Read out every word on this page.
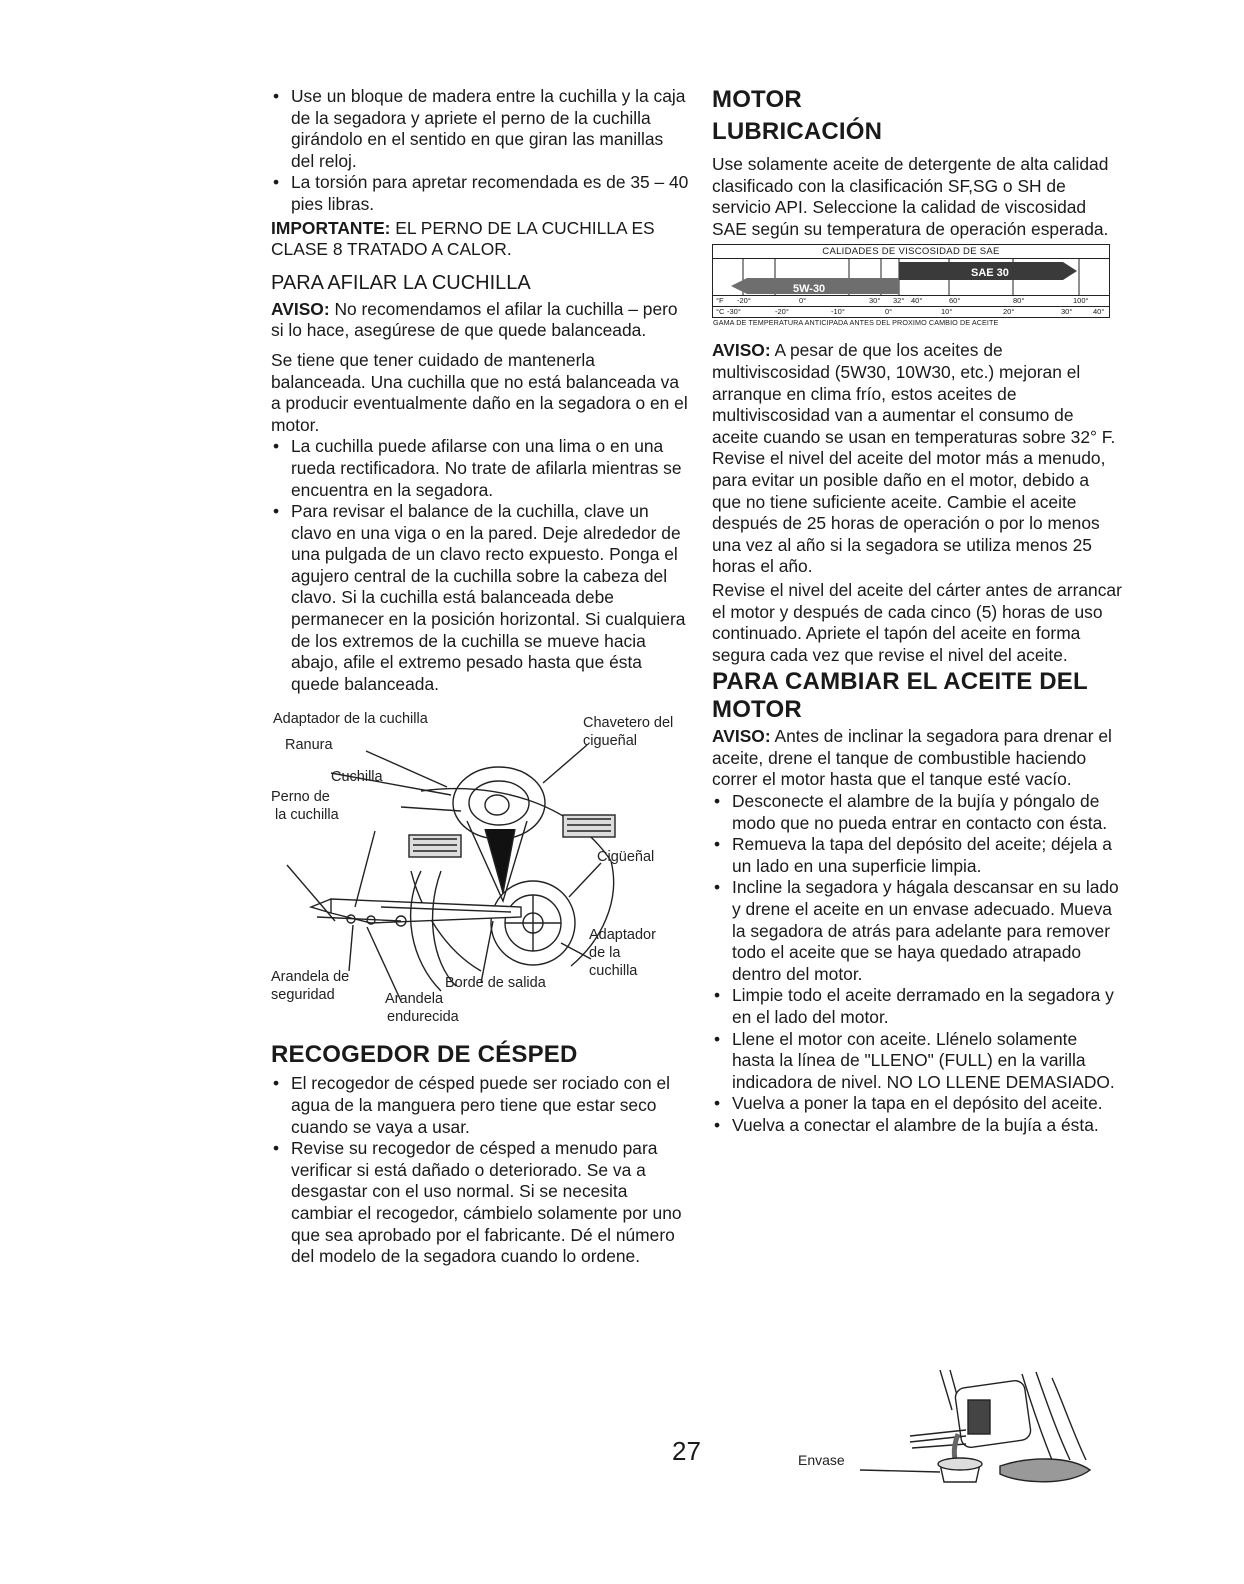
• Use un bloque de madera entre la cuchilla y la caja de la segadora y apriete el perno de la cuchilla girándolo en el sentido en que giran las manillas del reloj.
• La torsión para apretar recomendada es de 35 – 40 pies libras.

IMPORTANTE: EL PERNO DE LA CUCHILLA ES CLASE 8 TRATADO A CALOR.

PARA AFILAR LA CUCHILLA

AVISO: No recomendamos el afilar la cuchilla – pero si lo hace, asegúrese de que quede balanceada.

Se tiene que tener cuidado de mantenerla balanceada. Una cuchilla que no está balanceada va a producir eventualmente daño en la segadora o en el motor.

• La cuchilla puede afilarse con una lima o en una rueda rectificadora. No trate de afilarla mientras se encuentra en la segadora.
• Para revisar el balance de la cuchilla, clave un clavo en una viga o en la pared. Deje alrededor de una pulgada de un clavo recto expuesto. Ponga el agujero central de la cuchilla sobre la cabeza del clavo. Si la cuchilla está balanceada debe permanecer en la posición horizontal. Si cualquiera de los extremos de la cuchilla se mueve hacia abajo, afile el extremo pesado hasta que ésta quede balanceada.
Adaptador de la cuchilla
Ranura
Cuchilla
Perno de
la cuchilla
Chavetero del
cigueñal
Cigüeñal
Adaptador
de la
cuchilla
Arandela de
seguridad
Borde de salida
Arandela
endurecida

RECOGEDOR DE CÉSPED

• El recogedor de césped puede ser rociado con el agua de la manguera pero tiene que estar seco cuando se vaya a usar.
• Revise su recogedor de césped a menudo para verificar si está dañado o deteriorado. Se va a desgastar con el uso normal. Si se necesita cambiar el recogedor, cámbielo solamente por uno que sea aprobado por el fabricante. Dé el número del modelo de la segadora cuando lo ordene.

MOTOR

LUBRICACIÓN

Use solamente aceite de detergente de alta calidad clasificado con la clasificación SF,SG o SH de servicio API. Seleccione la calidad de viscosidad SAE según su temperatura de operación esperada.

CALIDADES DE VISCOSIDAD DE SAE
5W-30
SAE 30
°F -20°	0°	30° 32° 40°	60°	80°	100°
°C -30°	-20°	-10°	0°	10°	20°	30°	40°
GAMA DE TEMPERATURA ANTICIPADA ANTES DEL PROXIMO CAMBIO DE ACEITE

AVISO: A pesar de que los aceites de multiviscosidad (5W30, 10W30, etc.) mejoran el arranque en clima frío, estos aceites de multiviscosidad van a aumentar el consumo de aceite cuando se usan en temperaturas sobre 32° F. Revise el nivel del aceite del motor más a menudo, para evitar un posible daño en el motor, debido a que no tiene suficiente aceite. Cambie el aceite después de 25 horas de operación o por lo menos una vez al año si la segadora se utiliza menos 25 horas el año.

Revise el nivel del aceite del cárter antes de arrancar el motor y después de cada cinco (5) horas de uso continuado. Apriete el tapón del aceite en forma segura cada vez que revise el nivel del aceite.

PARA CAMBIAR EL ACEITE DEL MOTOR

AVISO: Antes de inclinar la segadora para drenar el aceite, drene el tanque de combustible haciendo correr el motor hasta que el tanque esté vacío.

• Desconecte el alambre de la bujía y póngalo de modo que no pueda entrar en contacto con ésta.
• Remueva la tapa del depósito del aceite; déjela a un lado en una superficie limpia.
• Incline la segadora y hágala descansar en su lado y drene el aceite en un envase adecuado. Mueva la segadora de atrás para adelante para remover todo el aceite que se haya quedado atrapado dentro del motor.
• Limpie todo el aceite derramado en la segadora y en el lado del motor.
• Llene el motor con aceite. Llénelo solamente hasta la línea de "LLENO" (FULL) en la varilla indicadora de nivel. NO LO LLENE DEMASIADO.
• Vuelva a poner la tapa en el depósito del aceite.
• Vuelva a conectar el alambre de la bujía a ésta.
Envase
27
